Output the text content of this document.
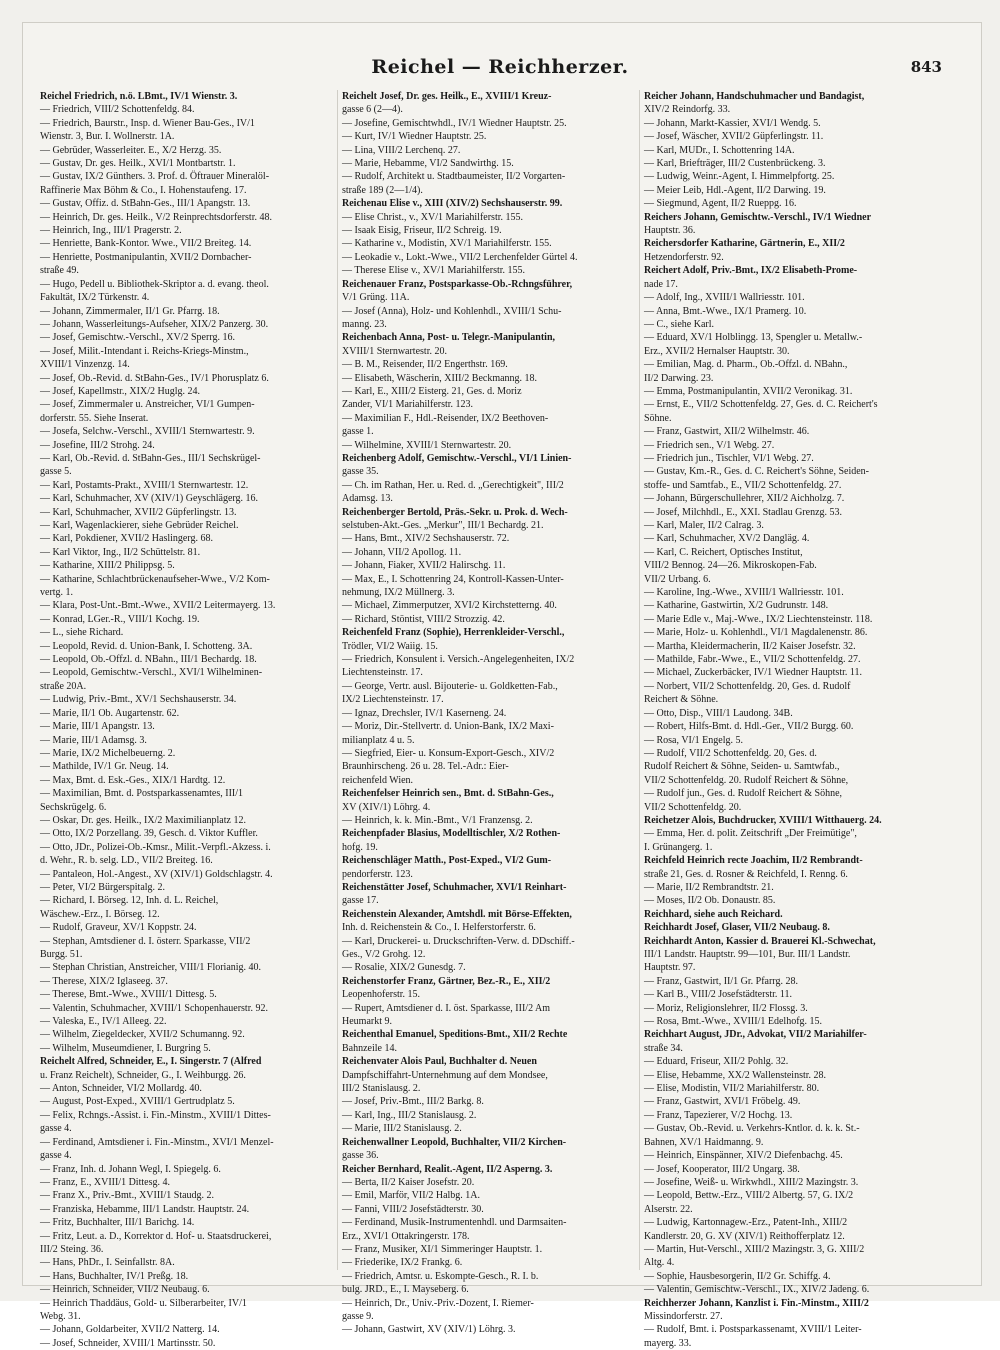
Reichel — Reichherzer.	843
Reichel Friedrich, n.ö. LBmt., IV/1 Wienstr. 3.
— Friedrich, VIII/2 Schottenfeldg. 84.
— Friedrich, Baurstr., Insp. d. Wiener Bau-Ges., IV/1
Wienstr. 3, Bur. I. Wollnerstr. 1A.
— Gebrüder, Wasserleiter. E., X/2 Herzg. 35.
— Gustav, Dr. ges. Heilk., XVI/1 Montbartstr. 1.
— Gustav, IX/2 Günthers. 3. Prof. d. Öftrauer Mineralöl-
Raffinerie Max Böhm & Co., I. Hohenstaufeng. 17.
— Gustav, Offiz. d. StBahn-Ges., III/1 Apangstr. 13.
— Heinrich, Dr. ges. Heilk., V/2 Reinprechtsdorferstr. 48.
— Heinrich, Ing., III/1 Pragerstr. 2.
— Henriette, Bank-Kontor. Wwe., VII/2 Breiteg. 14.
— Henriette, Postmanipulantin, XVII/2 Dornbacher-
straße 49.
— Hugo, Pedell u. Bibliothek-Skriptor a. d. evang. theol.
Fakultät, IX/2 Türkenstr. 4.
— Johann, Zimmermaler, II/1 Gr. Pfarrg. 18.
— Johann, Wasserleitungs-Aufseher, XIX/2 Panzerg. 30.
— Josef, Gemischtw.-Verschl., XV/2 Sperrg. 16.
— Josef, Milit.-Intendant i. Reichs-Kriegs-Minstm.,
XVIII/1 Vinzenzg. 14.
— Josef, Ob.-Revid. d. StBahn-Ges., IV/1 Phorusplatz 6.
— Josef, Kapellmstr., XIX/2 Huglg. 24.
— Josef, Zimmermaler u. Anstreicher, VI/1 Gumpen-
dorferstr. 55. Siehe Inserat.
— Josefa, Selchw.-Verschl., XVIII/1 Sternwartestr. 9.
— Josefine, III/2 Strohg. 24.
— Karl, Ob.-Revid. d. StBahn-Ges., III/1 Sechskrügel-
gasse 5.
— Karl, Postamts-Prakt., XVIII/1 Sternwartestr. 12.
— Karl, Schuhmacher, XV (XIV/1) Geyschlägerg. 16.
— Karl, Schuhmacher, XVII/2 Güpferlingstr. 13.
— Karl, Wagenlackierer, siehe Gebrüder Reichel.
— Karl, Pokdiener, XVII/2 Haslingerg. 68.
— Karl Viktor, Ing., II/2 Schüttelstr. 81.
— Katharine, XIII/2 Philippsg. 5.
— Katharine, Schlachtbrückenaufseher-Wwe., V/2 Kom-
vertg. 1.
— Klara, Post-Unt.-Bmt.-Wwe., XVII/2 Leitermayerg. 13.
— Konrad, LGer.-R., VIII/1 Kochg. 19.
— L., siehe Richard.
— Leopold, Revid. d. Union-Bank, I. Schotteng. 3A.
— Leopold, Ob.-Offzl. d. NBahn., III/1 Bechardg. 18.
— Leopold, Gemischtw.-Verschl., XVI/1 Wilhelminen-
straße 20A.
— Ludwig, Priv.-Bmt., XV/1 Sechshauserstr. 34.
— Marie, II/1 Ob. Augartenstr. 62.
— Marie, III/1 Apangstr. 13.
— Marie, III/1 Adamsg. 3.
— Marie, IX/2 Michelbeuerng. 2.
— Mathilde, IV/1 Gr. Neug. 14.
— Max, Bmt. d. Esk.-Ges., XIX/1 Hardtg. 12.
— Maximilian, Bmt. d. Postsparkassenamtes, III/1
Sechskrügelg. 6.
— Oskar, Dr. ges. Heilk., IX/2 Maximilianplatz 12.
— Otto, IX/2 Porzellang. 39, Gesch. d. Viktor Kuffler.
— Otto, JDr., Polizei-Ob.-Kmsr., Milit.-Verpfl.-Akzess. i.
d. Wehr., R. b. selg. LD., VII/2 Breiteg. 16.
— Pantaleon, Hol.-Angest., XV (XIV/1) Goldschlagstr. 4.
— Peter, VI/2 Bürgerspitalg. 2.
— Richard, I. Börseg. 12, Inh. d. L. Reichel,
Wäschew.-Erz., I. Börseg. 12.
— Rudolf, Graveur, XV/1 Koppstr. 24.
— Stephan, Amtsdiener d. I. österr. Sparkasse, VII/2
Burgg. 51.
— Stephan Christian, Anstreicher, VIII/1 Florianig. 40.
— Therese, XIX/2 Iglaseeg. 37.
— Therese, Bmt.-Wwe., XVIII/1 Dittesg. 5.
— Valentin, Schuhmacher, XVIII/1 Schopenhauerstr. 92.
— Valeska, E., IV/1 Alleeg. 22.
— Wilhelm, Ziegeldecker, XVII/2 Schumanng. 92.
— Wilhelm, Museumdiener, I. Burgring 5.
Reichelt Alfred, Schneider, E., I. Singerstr. 7 (Alfred
u. Franz Reichelt), Schneider, G., I. Weihburgg. 26.
— Anton, Schneider, VI/2 Mollardg. 40.
— August, Post-Exped., XVIII/1 Gertrudplatz 5.
— Felix, Rchngs.-Assist. i. Fin.-Minstm., XVIII/1 Dittes-
gasse 4.
— Ferdinand, Amtsdiener i. Fin.-Minstm., XVI/1 Menzel-
gasse 4.
— Franz, Inh. d. Johann Wegl, I. Spiegelg. 6.
— Franz, E., XVIII/1 Dittesg. 4.
— Franz X., Priv.-Bmt., XVIII/1 Staudg. 2.
— Franziska, Hebamme, III/1 Landstr. Hauptstr. 24.
— Fritz, Buchhalter, III/1 Barichg. 14.
— Fritz, Leut. a. D., Korrektor d. Hof- u. Staatsdruckerei,
III/2 Steing. 36.
— Hans, PhDr., I. Seinfallstr. 8A.
— Hans, Buchhalter, IV/1 Preßg. 18.
— Heinrich, Schneider, VII/2 Neubaug. 6.
— Heinrich Thaddäus, Gold- u. Silberarbeiter, IV/1
Webg. 31.
— Johann, Goldarbeiter, XVII/2 Natterg. 14.
— Josef, Schneider, XVIII/1 Martinsstr. 50.
Reichelt Josef, Dr. ges. Heilk., E., XVIII/1 Kreuz-
gasse 6 (2—4).
— Josefine, Gemischtwhdl., IV/1 Wiedner Hauptstr. 25.
— Kurt, IV/1 Wiedner Hauptstr. 25.
— Lina, VIII/2 Lerchenq. 27.
— Marie, Hebamme, VI/2 Sandwirthg. 15.
— Rudolf, Architekt u. Stadtbaumeister, II/2 Vorgarten-
straße 189 (2—1/4).
Reichenau Elise v., XIII (XIV/2) Sechshauserstr. 99.
— Elise Christ., v., XV/1 Mariahilferstr. 155.
— Isaak Eisig, Friseur, II/2 Schreig. 19.
— Katharine v., Modistin, XV/1 Mariahilferstr. 155.
— Leokadie v., Lokt.-Wwe., VII/2 Lerchenfelder Gürtel 4.
— Therese Elise v., XV/1 Mariahilferstr. 155.
Reichenauer Franz, Postsparkasse-Ob.-Rchngsführer,
V/1 Grüng. 11A.
— Josef (Anna), Holz- und Kohlenhdl., XVIII/1 Schu-
manng. 23.
Reichenbach Anna, Post- u. Telegr.-Manipulantin,
XVIII/1 Sternwartestr. 20.
— B. M., Reisender, II/2 Engerthstr. 169.
— Elisabeth, Wäscherin, XIII/2 Beckmanng. 18.
— Karl, E., XIII/2 Eisterg. 21, Ges. d. Moriz
Zander, VI/1 Mariahilferstr. 123.
— Maximilian F., Hdl.-Reisender, IX/2 Beethoven-
gasse 1.
— Wilhelmine, XVIII/1 Sternwartestr. 20.
Reichenberg Adolf, Gemischtw.-Verschl., VI/1 Linien-
gasse 35.
— Ch. im Rathan, Her. u. Red. d. „Gerechtigkeit", III/2
Adamsg. 13.
Reichenberger Bertold, Präs.-Sekr. u. Prok. d. Wech-
selstuben-Akt.-Ges. „Merkur", III/1 Bechardg. 21.
— Hans, Bmt., XIV/2 Sechshauserstr. 72.
— Johann, VII/2 Apollog. 11.
— Johann, Fiaker, XVII/2 Halirschg. 11.
— Max, E., I. Schottenring 24, Kontroll-Kassen-Unter-
nehmung, IX/2 Müllnerg. 3.
— Michael, Zimmerputzer, XVI/2 Kirchstetterng. 40.
— Richard, Stöntist, VIII/2 Strozzig. 42.
Reichenfeld Franz (Sophie), Herrenkleider-Verschl.,
Trödler, VI/2 Waiig. 15.
— Friedrich, Konsulent i. Versich.-Angelegenheiten, IX/2
Liechtensteinstr. 17.
— George, Vertr. ausl. Bijouterie- u. Goldketten-Fab.,
IX/2 Liechtensteinstr. 17.
— Ignaz, Drechsler, IV/1 Kaserneng. 24.
— Moriz, Dir.-Stellvertr. d. Union-Bank, IX/2 Maxi-
milianplatz 4 u. 5.
— Siegfried, Eier- u. Konsum-Export-Gesch., XIV/2
Braunhirscheng. 26 u. 28. Tel.-Adr.: Eier-
reichenfeld Wien.
Reichenfelser Heinrich sen., Bmt. d. StBahn-Ges.,
XV (XIV/1) Löhrg. 4.
— Heinrich, k. k. Min.-Bmt., V/1 Franzensg. 2.
Reichenpfader Blasius, Modelltischler, X/2 Rothen-
hofg. 19.
Reichenschläger Matth., Post-Exped., VI/2 Gum-
pendorferstr. 123.
Reichenstätter Josef, Schuhmacher, XVI/1 Reinhart-
gasse 17.
Reichenstein Alexander, Amtshdl. mit Börse-Effekten,
Inh. d. Reichenstein & Co., I. Helferstorferstr. 6.
— Karl, Druckerei- u. Druckschriften-Verw. d. DDschiff.-
Ges., V/2 Grohg. 12.
— Rosalie, XIX/2 Gunesdg. 7.
Reichenstorfer Franz, Gärtner, Bez.-R., E., XII/2
Leopenhoferstr. 15.
— Rupert, Amtsdiener d. I. öst. Sparkasse, III/2 Am
Heumarkt 9.
Reichenthal Emanuel, Speditions-Bmt., XII/2 Rechte
Bahnzeile 14.
Reichenvater Alois Paul, Buchhalter d. Neuen
Dampfschiffahrt-Unternehmung auf dem Mondsee,
III/2 Stanislausg. 2.
— Josef, Priv.-Bmt., III/2 Barkg. 8.
— Karl, Ing., III/2 Stanislausg. 2.
— Marie, III/2 Stanislausg. 2.
Reichenwallner Leopold, Buchhalter, VII/2 Kirchen-
gasse 36.
Reicher Bernhard, Realit.-Agent, II/2 Asperng. 3.
— Berta, II/2 Kaiser Josefstr. 20.
— Emil, Marför, VII/2 Halbg. 1A.
— Fanni, VIII/2 Josefstädterstr. 30.
— Ferdinand, Musik-Instrumentenhdl. und Darmsaiten-
Erz., XVI/1 Ottakringerstr. 178.
— Franz, Musiker, XI/1 Simmeringer Hauptstr. 1.
— Friederike, IX/2 Frankg. 6.
— Friedrich, Amtsr. u. Eskompte-Gesch., R. I. b.
bulg. JRD., E., I. Mayseberg. 6.
— Heinrich, Dr., Univ.-Priv.-Dozent, I. Riemer-
gasse 9.
— Johann, Gastwirt, XV (XIV/1) Löhrg. 3.
Reicher Johann, Handschuhmacher und Bandagist,
XIV/2 Reindorfg. 33.
— Johann, Markt-Kassier, XVI/1 Wendg. 5.
— Josef, Wäscher, XVII/2 Güpferlingstr. 11.
— Karl, MUDr., I. Schottenring 14A.
— Karl, Briefträger, III/2 Custenbrückeng. 3.
— Ludwig, Weinr.-Agent, I. Himmelpfortg. 25.
— Meier Leib, Hdl.-Agent, II/2 Darwing. 19.
— Siegmund, Agent, II/2 Rueppg. 16.
Reichers Johann, Gemischtw.-Verschl., IV/1 Wiedner
Hauptstr. 36.
Reichersdorfer Katharine, Gärtnerin, E., XII/2
Hetzendorferstr. 92.
Reichert Adolf, Priv.-Bmt., IX/2 Elisabeth-Prome-
nade 17.
— Adolf, Ing., XVIII/1 Wallriesstr. 101.
— Anna, Bmt.-Wwe., IX/1 Pramerg. 10.
— C., siehe Karl.
— Eduard, XV/1 Holblingg. 13, Spengler u. Metallw.-
Erz., XVII/2 Hernalser Hauptstr. 30.
— Emilian, Mag. d. Pharm., Ob.-Offzl. d. NBahn.,
II/2 Darwing. 23.
— Emma, Postmanipulantin, XVII/2 Veronikag. 31.
— Ernst, E., VII/2 Schottenfeldg. 27, Ges. d. C. Reichert's
Söhne.
— Franz, Gastwirt, XII/2 Wilhelmstr. 46.
— Friedrich sen., V/1 Webg. 27.
— Friedrich jun., Tischler, VI/1 Webg. 27.
— Gustav, Km.-R., Ges. d. C. Reichert's Söhne, Seiden-
stoffe- und Samtfab., E., VII/2 Schottenfeldg. 27.
— Johann, Bürgerschullehrer, XII/2 Aichholzg. 7.
— Josef, Milchhdl., E., XXI. Stadlau Grenzg. 53.
— Karl, Maler, II/2 Calrag. 3.
— Karl, Schuhmacher, XV/2 Dangläg. 4.
— Karl, C. Reichert, Optisches Institut,
VIII/2 Bennog. 24—26. Mikroskopen-Fab.
VII/2 Urbang. 6.
— Karoline, Ing.-Wwe., XVIII/1 Wallriesstr. 101.
— Katharine, Gastwirtin, X/2 Gudrunstr. 148.
— Marie Edle v., Maj.-Wwe., IX/2 Liechtensteinstr. 118.
— Marie, Holz- u. Kohlenhdl., VI/1 Magdalenenstr. 86.
— Martha, Kleidermacherin, II/2 Kaiser Josefstr. 32.
— Mathilde, Fabr.-Wwe., E., VII/2 Schottenfeldg. 27.
— Michael, Zuckerbäcker, IV/1 Wiedner Hauptstr. 11.
— Norbert, VII/2 Schottenfeldg. 20, Ges. d. Rudolf
Reichert & Söhne.
— Otto, Disp., VIII/1 Laudong. 34B.
— Robert, Hilfs-Bmt. d. Hdl.-Ger., VII/2 Burgg. 60.
— Rosa, VI/1 Engelg. 5.
— Rudolf, VII/2 Schottenfeldg. 20, Ges. d.
Rudolf Reichert & Söhne, Seiden- u. Samtwfab.,
VII/2 Schottenfeldg. 20. Rudolf Reichert & Söhne,
— Rudolf jun., Ges. d. Rudolf Reichert & Söhne,
VII/2 Schottenfeldg. 20.
Reichetzer Alois, Buchdrucker, XVIII/1 Witthauerg. 24.
— Emma, Her. d. polit. Zeitschrift „Der Freimütige",
I. Grünangerg. 1.
Reichfeld Heinrich recte Joachim, II/2 Rembrandt-
straße 21, Ges. d. Rosner & Reichfeld, I. Renng. 6.
— Marie, II/2 Rembrandtstr. 21.
— Moses, II/2 Ob. Donaustr. 85.
Reichhard, siehe auch Reichard.
Reichhardt Josef, Glaser, VII/2 Neubaug. 8.
Reichhardt Anton, Kassier d. Brauerei Kl.-Schwechat,
III/1 Landstr. Hauptstr. 99—101, Bur. III/1 Landstr.
Hauptstr. 97.
— Franz, Gastwirt, II/1 Gr. Pfarrg. 28.
— Karl B., VIII/2 Josefstädterstr. 11.
— Moriz, Religionslehrer, II/2 Flossg. 3.
— Rosa, Bmt.-Wwe., XVIII/1 Edelhofg. 15.
Reichhart August, JDr., Advokat, VII/2 Mariahilfer-
straße 34.
— Eduard, Friseur, XII/2 Pohlg. 32.
— Elise, Hebamme, XX/2 Wallensteinstr. 28.
— Elise, Modistin, VII/2 Mariahilferstr. 80.
— Franz, Gastwirt, XVI/1 Fröbelg. 49.
— Franz, Tapezierer, V/2 Hochg. 13.
— Gustav, Ob.-Revid. u. Verkehrs-Kntlor. d. k. k. St.-
Bahnen, XV/1 Haidmanng. 9.
— Heinrich, Einspänner, XIV/2 Diefenbachg. 45.
— Josef, Kooperator, III/2 Ungarg. 38.
— Josefine, Weiß- u. Wirkwhdl., XIII/2 Mazingstr. 3.
— Leopold, Bettw.-Erz., VIII/2 Albertg. 57, G. IX/2
Alserstr. 22.
— Ludwig, Kartonnagew.-Erz., Patent-Inh., XIII/2
Kandlerstr. 20, G. XV (XIV/1) Reithofferplatz 12.
— Martin, Hut-Verschl., XIII/2 Mazingstr. 3, G. XIII/2
Altg. 4.
— Sophie, Hausbesorgerin, II/2 Gr. Schiffg. 4.
— Valentin, Gemischtw.-Verschl., IX., XIV/2 Jadeng. 6.
Reichherzer Johann, Kanzlist i. Fin.-Minstm., XIII/2
Missindorferstr. 27.
— Rudolf, Bmt. i. Postsparkassenamt, XVIII/1 Leiter-
mayerg. 33.
